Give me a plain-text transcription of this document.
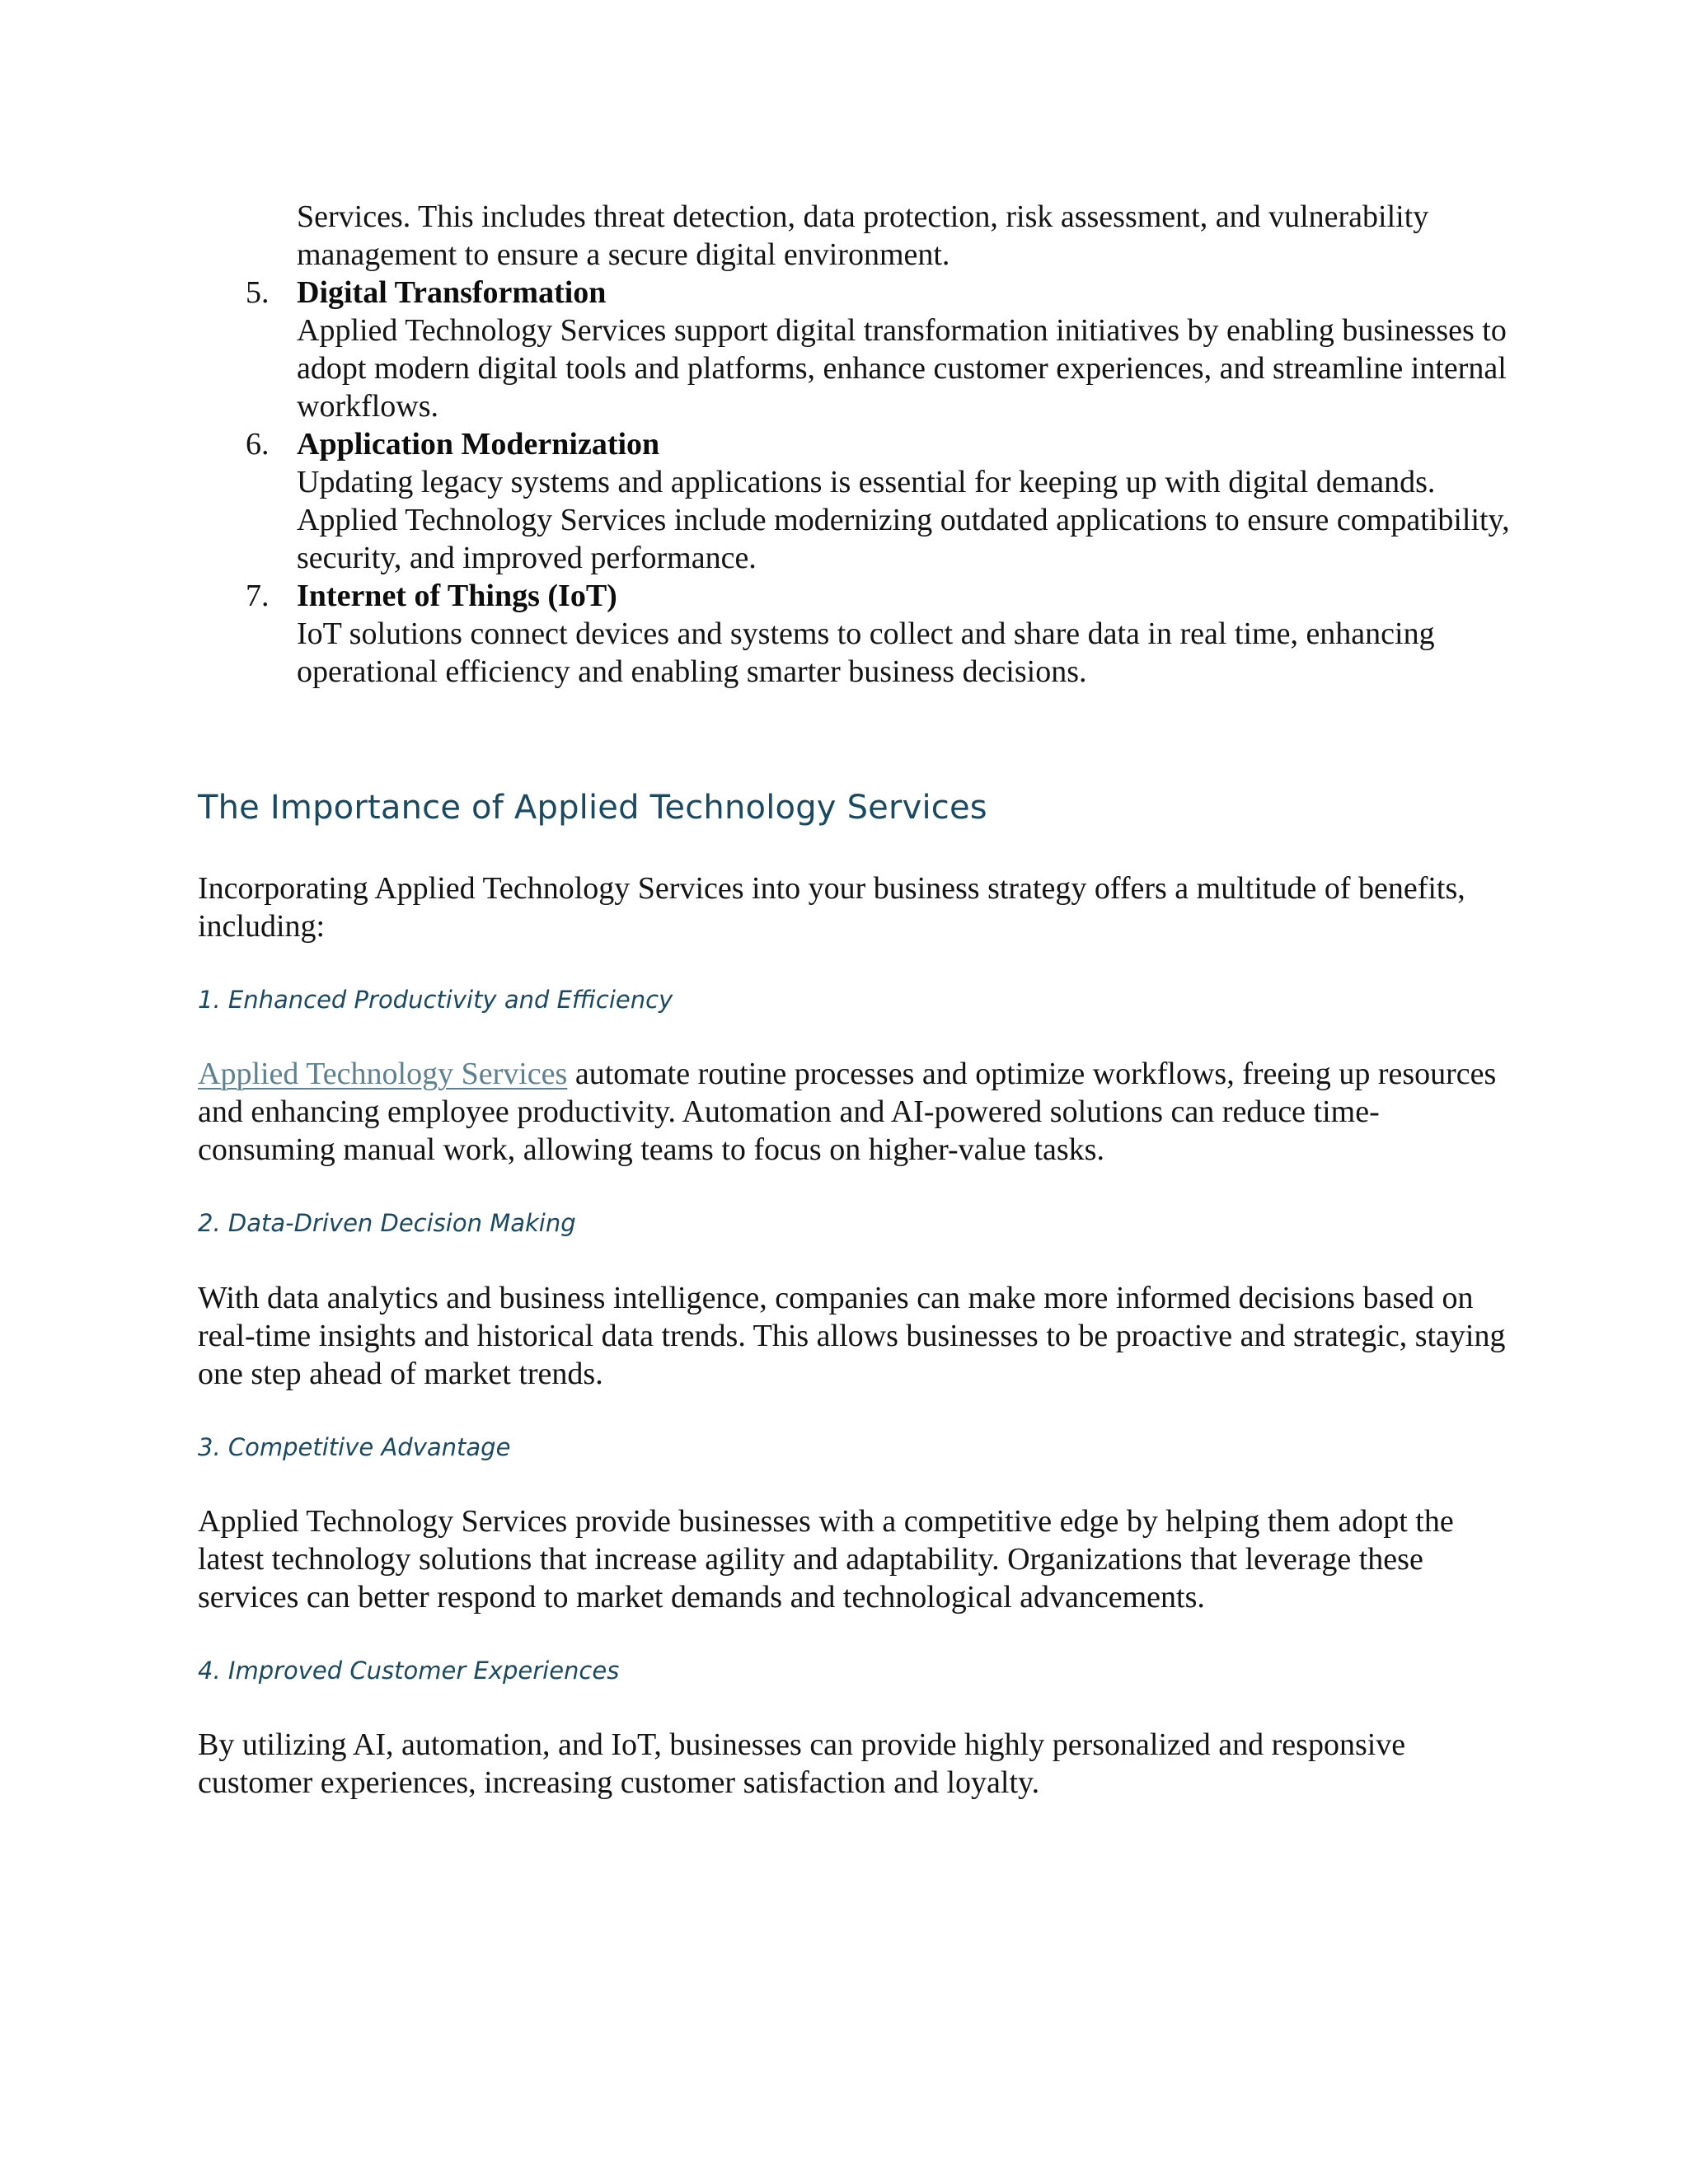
Services. This includes threat detection, data protection, risk assessment, and vulnerability management to ensure a secure digital environment.

5. Digital Transformation
Applied Technology Services support digital transformation initiatives by enabling businesses to adopt modern digital tools and platforms, enhance customer experiences, and streamline internal workflows.
6. Application Modernization
Updating legacy systems and applications is essential for keeping up with digital demands. Applied Technology Services include modernizing outdated applications to ensure compatibility, security, and improved performance.
7. Internet of Things (IoT)
IoT solutions connect devices and systems to collect and share data in real time, enhancing operational efficiency and enabling smarter business decisions.
The Importance of Applied Technology Services

Incorporating Applied Technology Services into your business strategy offers a multitude of benefits, including:

1. Enhanced Productivity and Efficiency

Applied Technology Services automate routine processes and optimize workflows, freeing up resources and enhancing employee productivity. Automation and AI-powered solutions can reduce time-consuming manual work, allowing teams to focus on higher-value tasks.

2. Data-Driven Decision Making

With data analytics and business intelligence, companies can make more informed decisions based on real-time insights and historical data trends. This allows businesses to be proactive and strategic, staying one step ahead of market trends.

3. Competitive Advantage

Applied Technology Services provide businesses with a competitive edge by helping them adopt the latest technology solutions that increase agility and adaptability. Organizations that leverage these services can better respond to market demands and technological advancements.

4. Improved Customer Experiences

By utilizing AI, automation, and IoT, businesses can provide highly personalized and responsive customer experiences, increasing customer satisfaction and loyalty.
